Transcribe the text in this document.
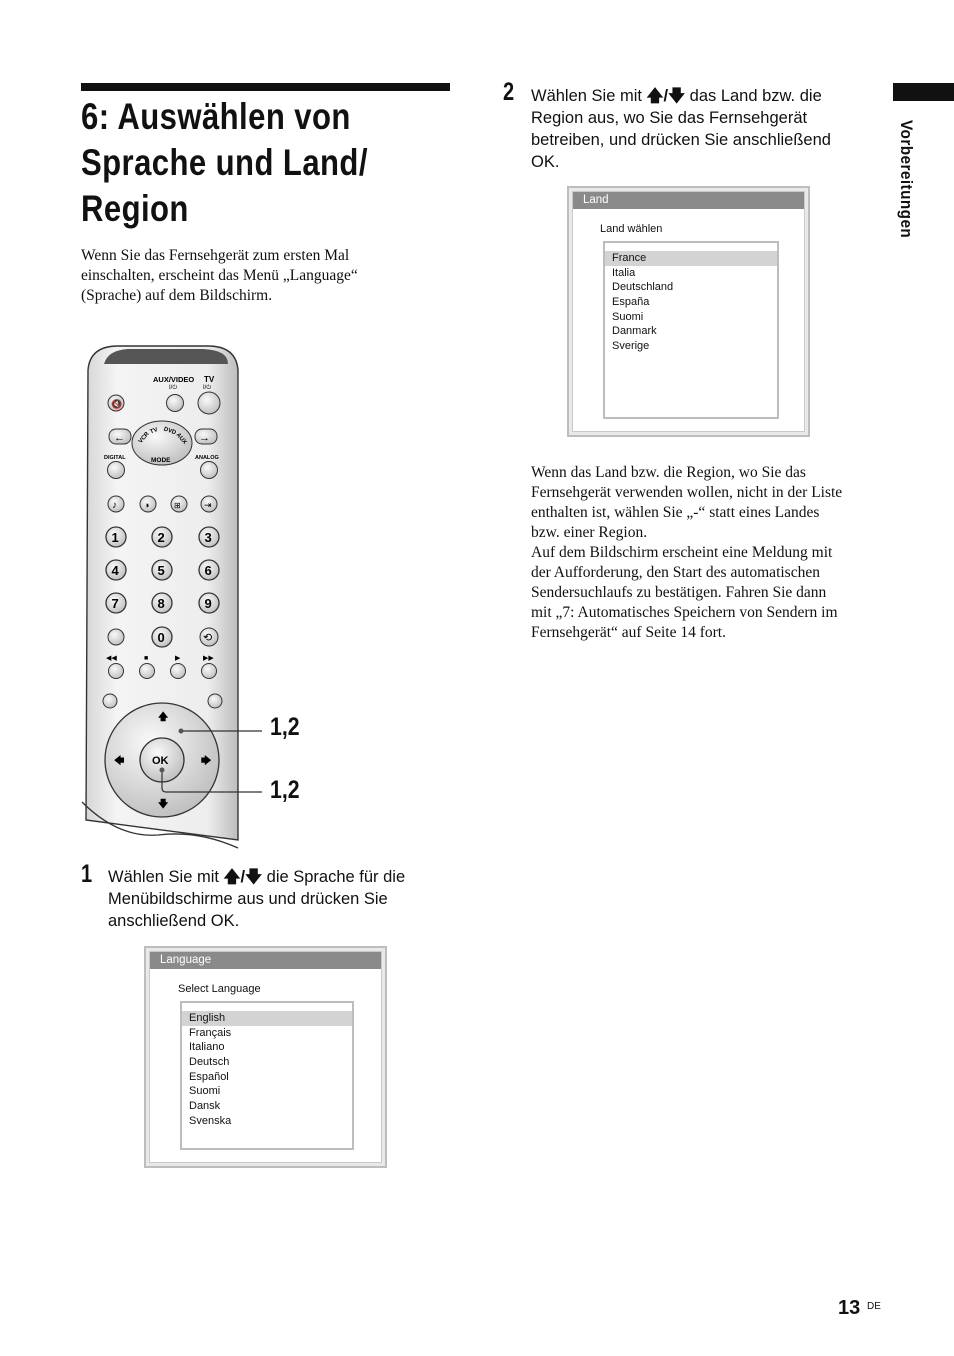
6: Auswählen von
Sprache und Land/
Region

Wenn Sie das Fernsehgerät zum ersten Mal
einschalten, erscheint das Menü „Language“
(Sprache) auf dem Bildschirm.

AUX/VIDEO TV
I/⏻	I/⏻
🔇
VCR
TV DVD
AUX
MODE
←	→
DIGITAL	ANALOG
♪	◑	⊞	⇥
1	2	3
4	5	6
7	8	9
0	⟲
◀◀	■	▶	▶▶
🡅
🡇
🡄	🡆
OK
1,2
1,2
1 Wählen Sie mit 🡅/🡇 die Sprache für die
Menübildschirme aus und drücken Sie
anschließend OK.

Language
Select Language
English
Français
Italiano
Deutsch
Español
Suomi
Dansk
Svenska
2 Wählen Sie mit 🡅/🡇 das Land bzw. die
Region aus, wo Sie das Fernsehgerät
betreiben, und drücken Sie anschließend
OK.

Land
Land wählen
France
Italia
Deutschland
España
Suomi
Danmark
Sverige

Wenn das Land bzw. die Region, wo Sie das
Fernsehgerät verwenden wollen, nicht in der Liste
enthalten ist, wählen Sie „-“ statt eines Landes
bzw. einer Region.
Auf dem Bildschirm erscheint eine Meldung mit
der Aufforderung, den Start des automatischen
Sendersuchlaufs zu bestätigen. Fahren Sie dann
mit „7: Automatisches Speichern von Sendern im
Fernsehgerät“ auf Seite 14 fort.

Vorbereitungen
13 DE
